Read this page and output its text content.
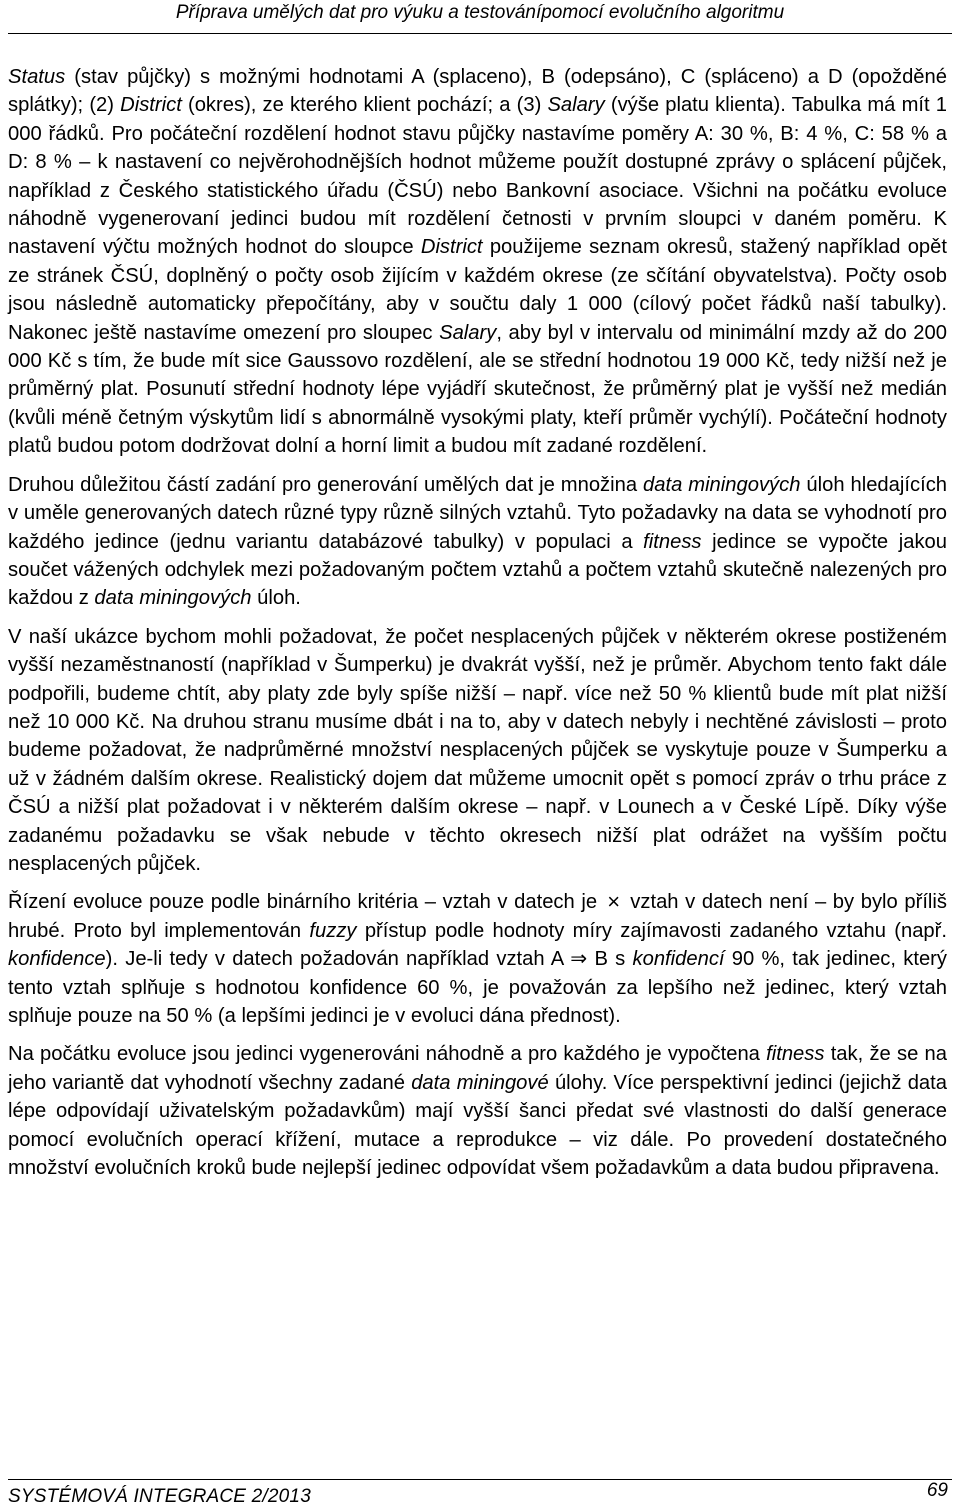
Příprava umělých dat pro výuku a testovánípomocí evolučního algoritmu

Status (stav půjčky) s možnými hodnotami A (splaceno), B (odepsáno), C (spláceno) a D (opožděné splátky); (2) District (okres), ze kterého klient pochází; a (3) Salary (výše platu klienta). Tabulka má mít 1 000 řádků. Pro počáteční rozdělení hodnot stavu půjčky nastavíme poměry A: 30 %, B: 4 %, C: 58 % a D: 8 % – k nastavení co nejvěrohodnějších hodnot můžeme použít dostupné zprávy o splácení půjček, například z Českého statistického úřadu (ČSÚ) nebo Bankovní asociace. Všichni na počátku evoluce náhodně vygenerovaní jedinci budou mít rozdělení četnosti v prvním sloupci v daném poměru. K nastavení výčtu možných hodnot do sloupce District použijeme seznam okresů, stažený například opět ze stránek ČSÚ, doplněný o počty osob žijícím v každém okrese (ze sčítání obyvatelstva). Počty osob jsou následně automaticky přepočítány, aby v součtu daly 1 000 (cílový počet řádků naší tabulky). Nakonec ještě nastavíme omezení pro sloupec Salary, aby byl v intervalu od minimální mzdy až do 200 000 Kč s tím, že bude mít sice Gaussovo rozdělení, ale se střední hodnotou 19 000 Kč, tedy nižší než je průměrný plat. Posunutí střední hodnoty lépe vyjádří skutečnost, že průměrný plat je vyšší než medián (kvůli méně četným výskytům lidí s abnormálně vysokými platy, kteří průměr vychýlí). Počáteční hodnoty platů budou potom dodržovat dolní a horní limit a budou mít zadané rozdělení.

Druhou důležitou částí zadání pro generování umělých dat je množina data miningových úloh hledajících v uměle generovaných datech různé typy různě silných vztahů. Tyto požadavky na data se vyhodnotí pro každého jedince (jednu variantu databázové tabulky) v populaci a fitness jedince se vypočte jakou součet vážených odchylek mezi požadovaným počtem vztahů a počtem vztahů skutečně nalezených pro každou z data miningových úloh.

V naší ukázce bychom mohli požadovat, že počet nesplacených půjček v některém okrese postiženém vyšší nezaměstnaností (například v Šumperku) je dvakrát vyšší, než je průměr. Abychom tento fakt dále podpořili, budeme chtít, aby platy zde byly spíše nižší – např. více než 50 % klientů bude mít plat nižší než 10 000 Kč. Na druhou stranu musíme dbát i na to, aby v datech nebyly i nechtěné závislosti – proto budeme požadovat, že nadprůměrné množství nesplacených půjček se vyskytuje pouze v Šumperku a už v žádném dalším okrese. Realistický dojem dat můžeme umocnit opět s pomocí zpráv o trhu práce z ČSÚ a nižší plat požadovat i v některém dalším okrese – např. v Lounech a v České Lípě. Díky výše zadanému požadavku se však nebude v těchto okresech nižší plat odrážet na vyšším počtu nesplacených půjček.

Řízení evoluce pouze podle binárního kritéria – vztah v datech je × vztah v datech není – by bylo příliš hrubé. Proto byl implementován fuzzy přístup podle hodnoty míry zajímavosti zadaného vztahu (např. konfidence). Je-li tedy v datech požadován například vztah A ⇒ B s konfidencí 90 %, tak jedinec, který tento vztah splňuje s hodnotou konfidence 60 %, je považován za lepšího než jedinec, který vztah splňuje pouze na 50 % (a lepšími jedinci je v evoluci dána přednost).

Na počátku evoluce jsou jedinci vygenerováni náhodně a pro každého je vypočtena fitness tak, že se na jeho variantě dat vyhodnotí všechny zadané data miningové úlohy. Více perspektivní jedinci (jejichž data lépe odpovídají uživatelským požadavkům) mají vyšší šanci předat své vlastnosti do další generace pomocí evolučních operací křížení, mutace a reprodukce – viz dále. Po provedení dostatečného množství evolučních kroků bude nejlepší jedinec odpovídat všem požadavkům a data budou připravena.

SYSTÉMOVÁ INTEGRACE 2/2013	69
